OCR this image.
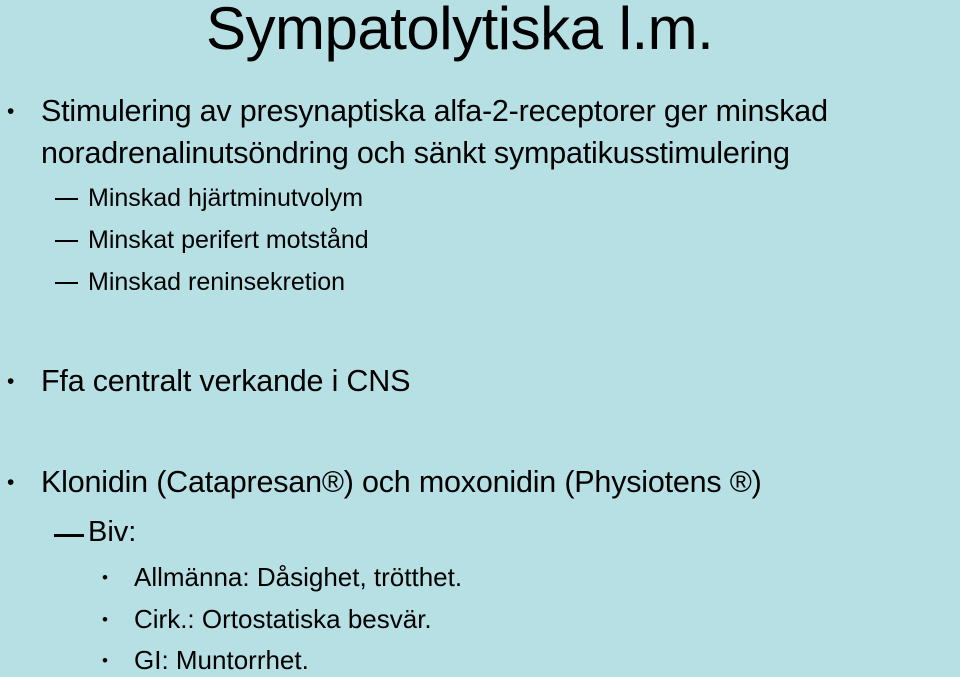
Sympatolytiska l.m.
• Stimulering av presynaptiska alfa-2-receptorer ger minskad
noradrenalinutsöndring och sänkt sympatikusstimulering
Minskad hjärtminutvolym
Minskat perifert motstånd
Minskad reninsekretion
• Ffa centralt verkande i CNS
• Klonidin (Catapresan®) och moxonidin (Physiotens ®)
Biv:
• Allmänna: Dåsighet, trötthet.
• Cirk.: Ortostatiska besvär.
• GI: Muntorrhet.
